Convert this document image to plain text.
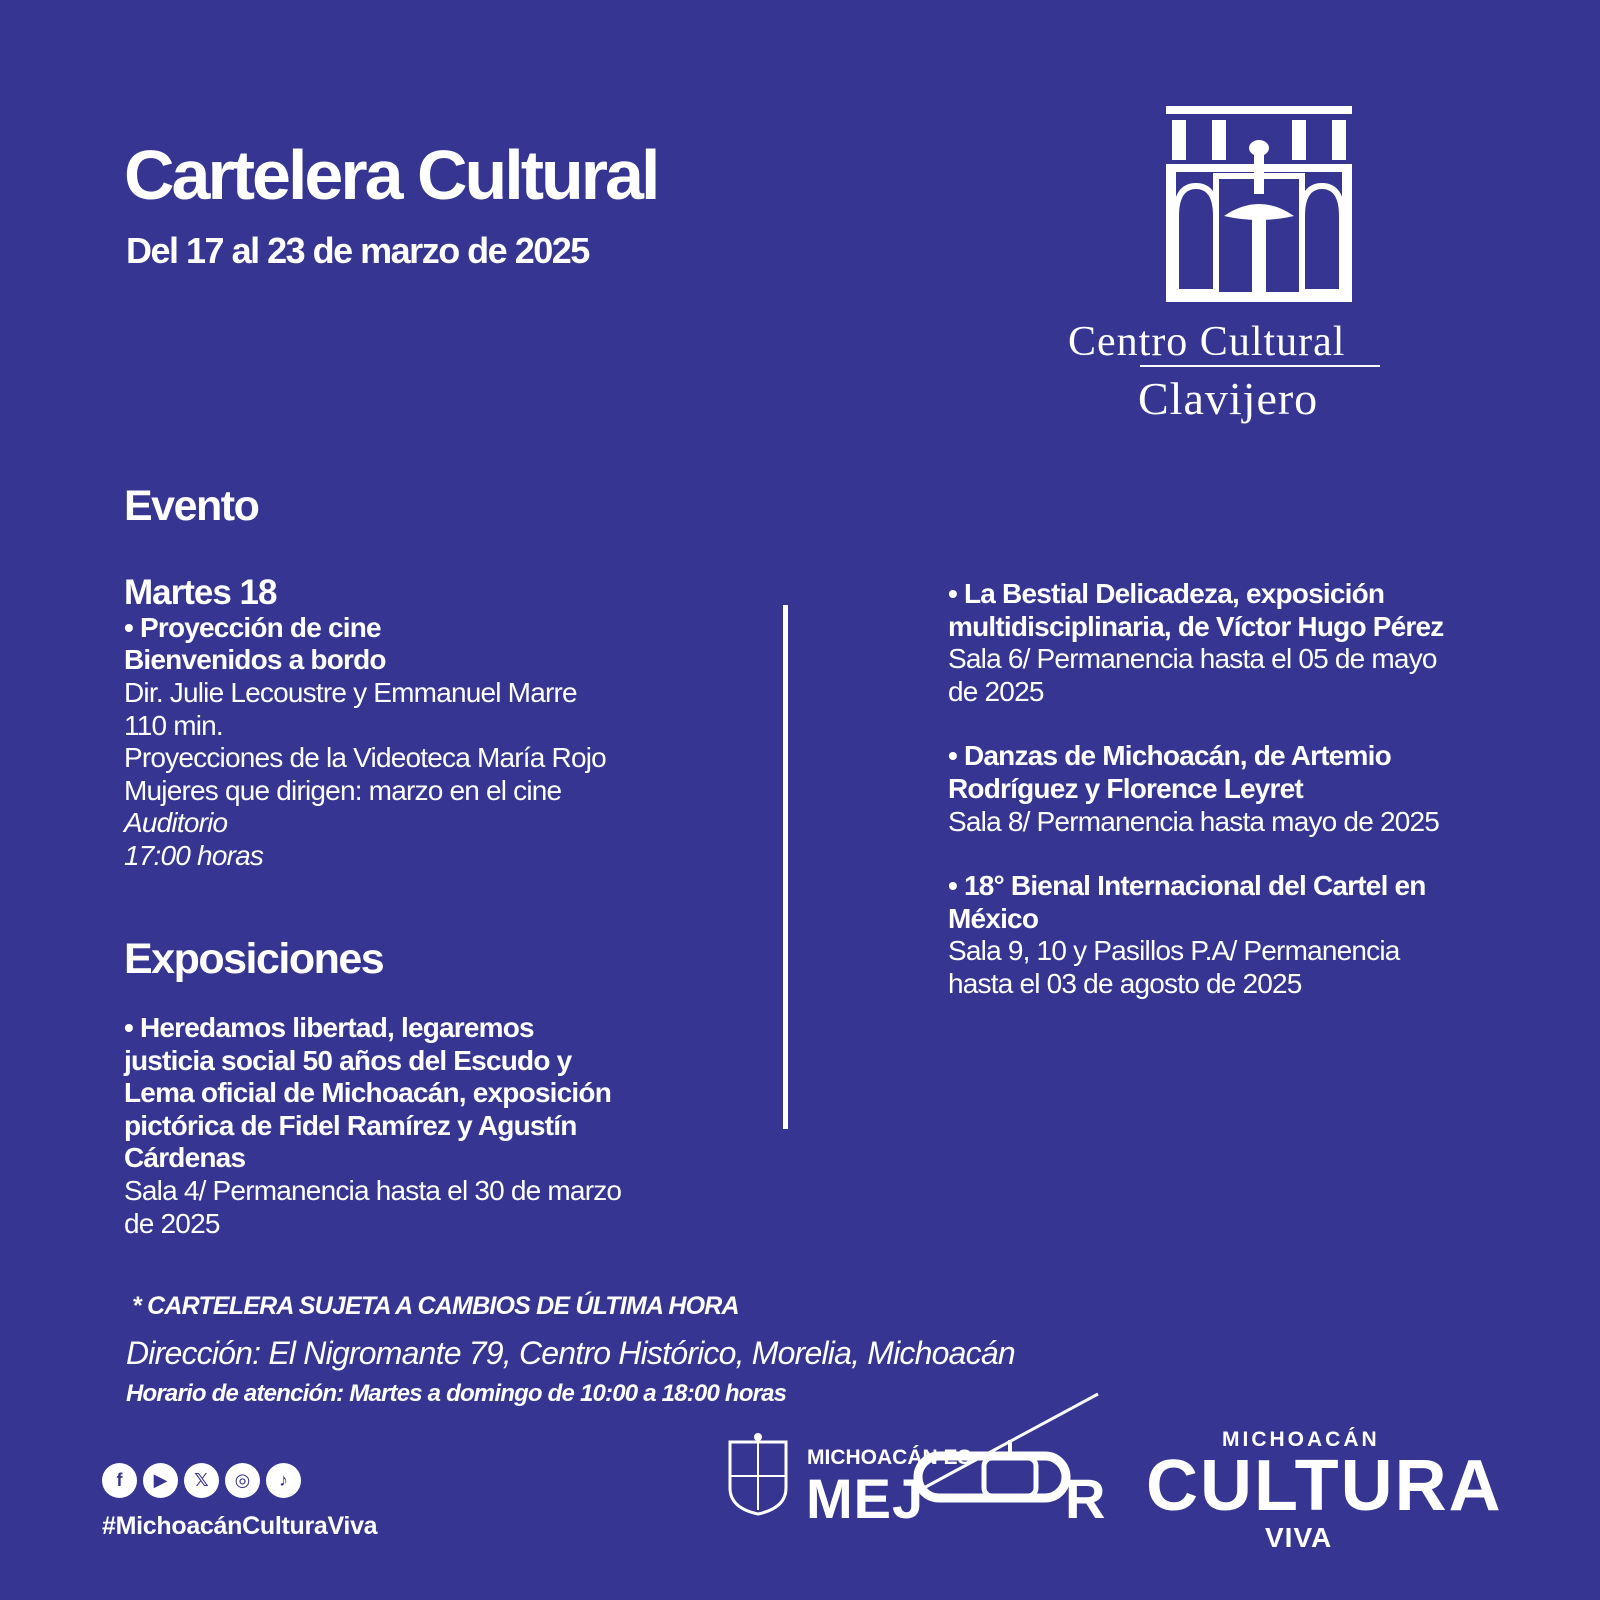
Cartelera Cultural
Del 17 al 23 de marzo de 2025
Centro Cultural
Clavijero
Evento
Martes 18
• Proyección de cine
Bienvenidos a bordo
Dir. Julie Lecoustre y Emmanuel Marre
110 min.
Proyecciones de la Videoteca María Rojo
Mujeres que dirigen: marzo en el cine
Auditorio
17:00 horas
Exposiciones
• Heredamos libertad, legaremos justicia social 50 años del Escudo y Lema oficial de Michoacán, exposición pictórica de Fidel Ramírez y Agustín Cárdenas
Sala 4/ Permanencia hasta el 30 de marzo de 2025
• La Bestial Delicadeza, exposición multidisciplinaria, de Víctor Hugo Pérez
Sala 6/ Permanencia hasta el 05 de mayo de 2025
• Danzas de Michoacán, de Artemio Rodríguez y Florence Leyret
Sala 8/ Permanencia hasta mayo de 2025
• 18° Bienal Internacional del Cartel en México
Sala 9, 10 y Pasillos P.A/ Permanencia hasta el 03 de agosto de 2025
* CARTELERA SUJETA A CAMBIOS DE ÚLTIMA HORA
Dirección: El Nigromante 79, Centro Histórico, Morelia, Michoacán
Horario de atención: Martes a domingo de 10:00 a 18:00 horas
f	▶	𝕏	◎	♪
#MichoacánCulturaViva
MICHOACÁN ES
MEJ	R
MICHOACÁN
CULTURA
VIVA
